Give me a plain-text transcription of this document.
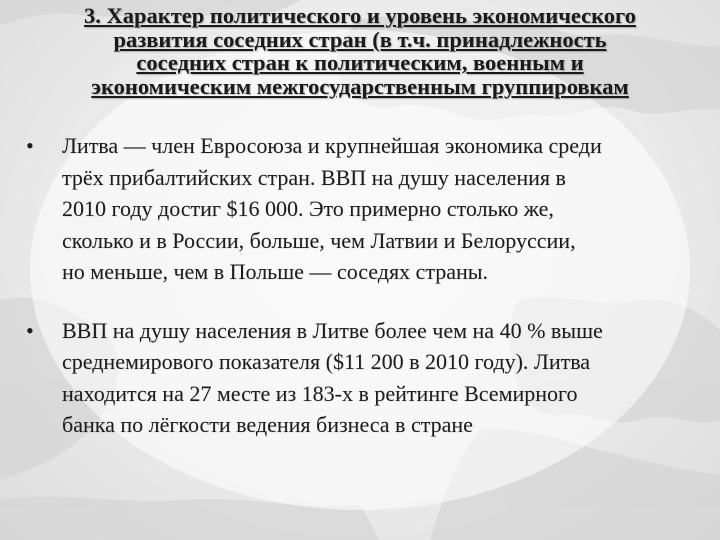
3. Характер политического и уровень экономического
развития соседних стран (в т.ч. принадлежность
соседних стран к политическим, военным и
экономическим межгосударственным группировкам
• Литва — член Евросоюза и крупнейшая экономика среди
трёх прибалтийских стран. ВВП на душу населения в
2010 году достиг $16 000. Это примерно столько же,
сколько и в России, больше, чем Латвии и Белоруссии,
но меньше, чем в Польше — соседях страны.
• ВВП на душу населения в Литве более чем на 40 % выше
среднемирового показателя ($11 200 в 2010 году). Литва
находится на 27 месте из 183-х в рейтинге Всемирного
банка по лёгкости ведения бизнеса в стране
